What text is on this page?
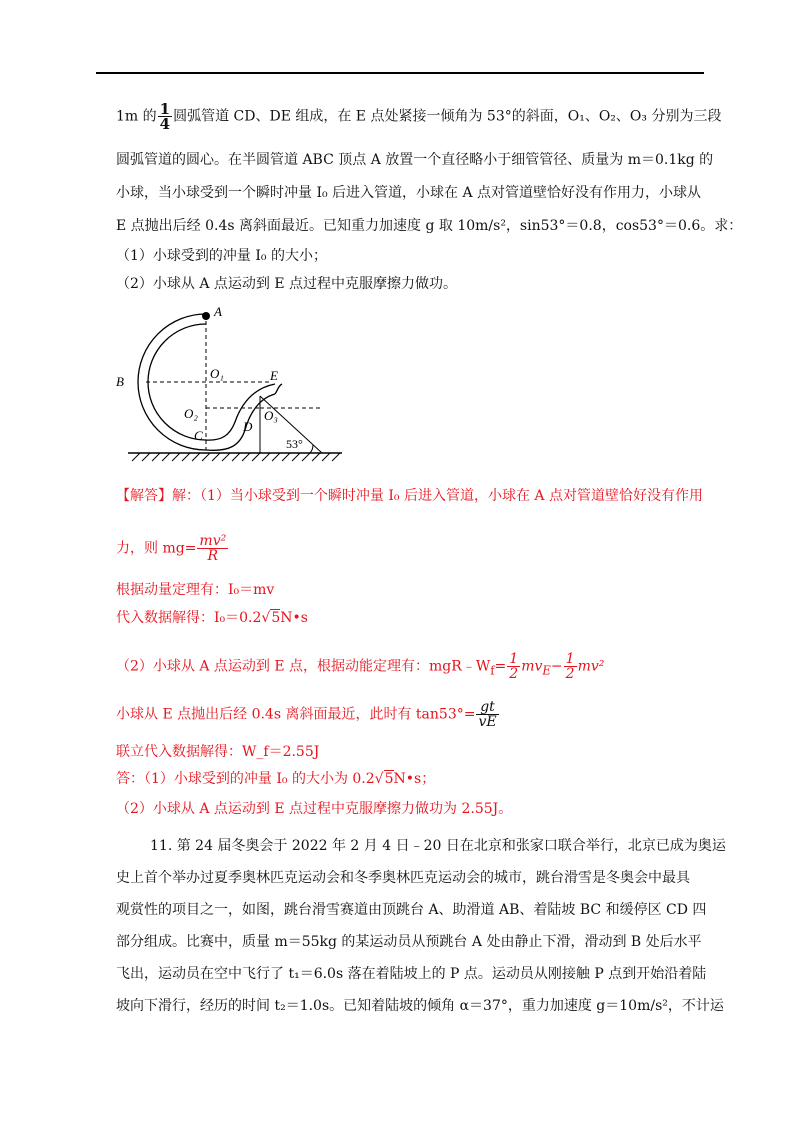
1m 的 $\frac{1}{4}$ 圆弧管道 CD、DE 组成，在 E 点处紧接一倾角为 53°的斜面，O₁、O₂、O₃ 分别为三段
圆弧管道的圆心。在半圆管道 ABC 顶点 A 放置一个直径略小于细管管径、质量为 m＝0.1kg 的
小球，当小球受到一个瞬时冲量 I₀ 后进入管道，小球在 A 点对管道壁恰好没有作用力，小球从
E 点抛出后经 0.4s 离斜面最近。已知重力加速度 g 取 10m/s²，sin53°＝0.8，cos53°＝0.6。求：
（1）小球受到的冲量 I₀ 的大小；
（2）小球从 A 点运动到 E 点过程中克服摩擦力做功。
A
B
C
D
E
O₁
O₂	O₃
53°
【解答】解：（1）当小球受到一个瞬时冲量 I₀ 后进入管道，小球在 A 点对管道壁恰好没有作用
力，则 $mg= \frac{\text{mv²}}{R}$
根据动量定理有：I₀＝mv
代入数据解得：I₀＝0.2√5N•s
（2）小球从 A 点运动到 E 点，根据动能定理有：$mgR﹣W_f= \frac{1}{2} mv_E- \frac{1}{2} mv^2$
小球从 E 点抛出后经 0.4s 离斜面最近，此时有 $\tan 53^\circ= \frac{gt}{vE}$
联立代入数据解得：W_f＝2.55J
答：（1）小球受到的冲量 I₀ 的大小为 0.2√5N•s；
（2）小球从 A 点运动到 E 点过程中克服摩擦力做功为 2.55J。
11. 第 24 届冬奥会于 2022 年 2 月 4 日﹣20 日在北京和张家口联合举行，北京已成为奥运
史上首个举办过夏季奥林匹克运动会和冬季奥林匹克运动会的城市，跳台滑雪是冬奥会中最具
观赏性的项目之一，如图，跳台滑雪赛道由顶跳台 A、助滑道 AB、着陆坡 BC 和缓停区 CD 四
部分组成。比赛中，质量 m＝55kg 的某运动员从预跳台 A 处由静止下滑，滑动到 B 处后水平
飞出，运动员在空中飞行了 t₁＝6.0s 落在着陆坡上的 P 点。运动员从刚接触 P 点到开始沿着陆
坡向下滑行，经历的时间 t₂＝1.0s。已知着陆坡的倾角 α＝37°，重力加速度 g＝10m/s²，不计运
